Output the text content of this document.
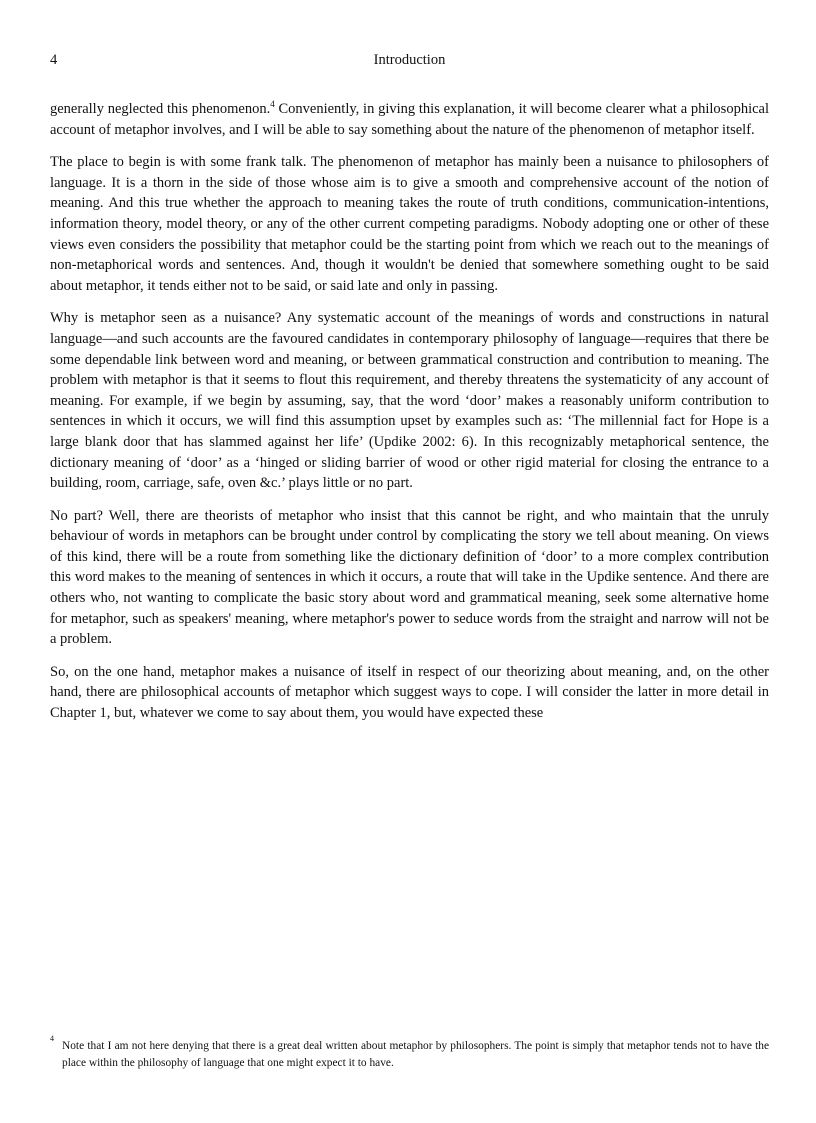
4	Introduction

generally neglected this phenomenon.$^4$ Conveniently, in giving this explanation, it will become clearer what a philosophical account of metaphor involves, and I will be able to say something about the nature of the phenomenon of metaphor itself.

The place to begin is with some frank talk. The phenomenon of metaphor has mainly been a nuisance to philosophers of language. It is a thorn in the side of those whose aim is to give a smooth and comprehensive account of the notion of meaning. And this true whether the approach to meaning takes the route of truth conditions, communication-intentions, information theory, model theory, or any of the other current competing paradigms. Nobody adopting one or other of these views even considers the possibility that metaphor could be the starting point from which we reach out to the meanings of non-metaphorical words and sentences. And, though it wouldn't be denied that somewhere something ought to be said about metaphor, it tends either not to be said, or said late and only in passing.

Why is metaphor seen as a nuisance? Any systematic account of the meanings of words and constructions in natural language—and such accounts are the favoured candidates in contemporary philosophy of language—requires that there be some dependable link between word and meaning, or between grammatical construction and contribution to meaning. The problem with metaphor is that it seems to flout this requirement, and thereby threatens the systematicity of any account of meaning. For example, if we begin by assuming, say, that the word ‘door’ makes a reasonably uniform contribution to sentences in which it occurs, we will find this assumption upset by examples such as: ‘The millennial fact for Hope is a large blank door that has slammed against her life’ (Updike 2002: 6). In this recognizably metaphorical sentence, the dictionary meaning of ‘door’ as a ‘hinged or sliding barrier of wood or other rigid material for closing the entrance to a building, room, carriage, safe, oven &c.’ plays little or no part.

No part? Well, there are theorists of metaphor who insist that this cannot be right, and who maintain that the unruly behaviour of words in metaphors can be brought under control by complicating the story we tell about meaning. On views of this kind, there will be a route from something like the dictionary definition of ‘door’ to a more complex contribution this word makes to the meaning of sentences in which it occurs, a route that will take in the Updike sentence. And there are others who, not wanting to complicate the basic story about word and grammatical meaning, seek some alternative home for metaphor, such as speakers' meaning, where metaphor's power to seduce words from the straight and narrow will not be a problem.

So, on the one hand, metaphor makes a nuisance of itself in respect of our theorizing about meaning, and, on the other hand, there are philosophical accounts of metaphor which suggest ways to cope. I will consider the latter in more detail in Chapter 1, but, whatever we come to say about them, you would have expected these

4
Note that I am not here denying that there is a great deal written about metaphor by philosophers. The point is simply that metaphor tends not to have the place within the philosophy of language that one might expect it to have.
